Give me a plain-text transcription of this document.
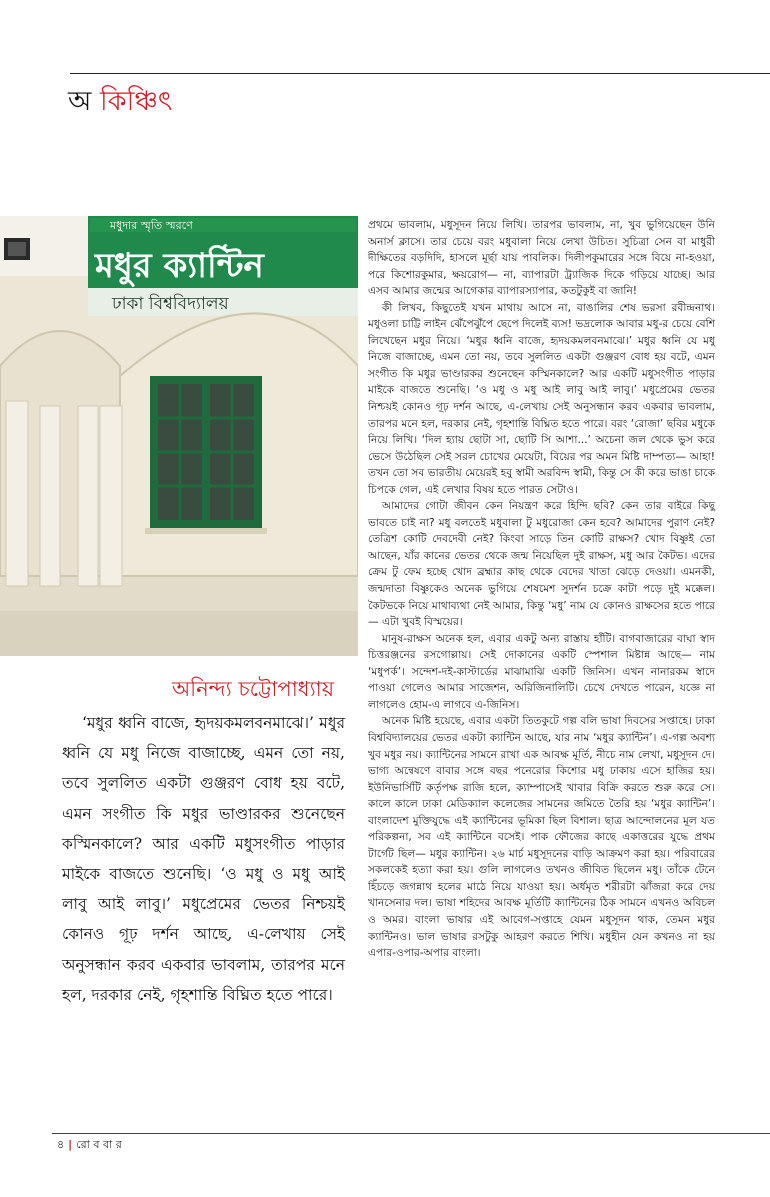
অ কিঞ্চিৎ
মধুদার স্মৃতি স্মরণে
মধুর ক্যান্টিন
ঢাকা বিশ্ববিদ্যালয়
অনিন্দ্য চট্টোপাধ্যায়

‘মধুর ধ্বনি বাজে, হৃদয়কমলবনমাঝে।’ মধুর ধ্বনি যে মধু নিজে বাজাচ্ছে, এমন তো নয়, তবে সুললিত একটা গুঞ্জরণ বোধ হয় বটে, এমন সংগীত কি মধুর ভাণ্ডারকর শুনেছেন কস্মিনকালে? আর একটি মধুসংগীত পাড়ার মাইকে বাজতে শুনেছি। ‘ও মধু ও মধু আই লাবু আই লাবু।’ মধুপ্রেমের ভেতর নিশ্চয়ই কোনও গূঢ় দর্শন আছে, এ-লেখায় সেই অনুসন্ধান করব একবার ভাবলাম, তারপর মনে হল, দরকার নেই, গৃহশান্তি বিঘ্নিত হতে পারে।

প্রথমে ভাবলাম, মধুসূদন নিয়ে লিখি। তারপর ভাবলাম, না, খুব ভুগিয়েছেন উনি অনার্স ক্লাসে। তার চেয়ে বরং মধুবালা নিয়ে লেখা উচিত। সুচিত্রা সেন বা মাধুরী দীক্ষিতের বড়দিদি, হাসলে মূর্ছা যায় পাবলিক। দিলীপকুমারের সঙ্গে বিয়ে না-হওয়া, পরে কিশোরকুমার, ক্ষয়রোগ— না, ব্যাপারটা ট্র্যাজিক দিকে গড়িয়ে যাচ্ছে। আর এসব আমার জন্মের আগেকার ব্যাপারস্যাপার, কতটুকুই বা জানি!

কী লিখব, কিছুতেই যখন মাথায় আসে না, বাঙালির শেষ ভরসা রবীন্দ্রনাথ। মধুওলা চাট্টি লাইন ঝেঁপেঝুঁপে ছেপে দিলেই ব্যস! ভদ্রলোক আবার মধু-র চেয়ে বেশি লিখেছেন মধুর নিয়ে। ‘মধুর ধ্বনি বাজে, হৃদয়কমলবনমাঝে।’ মধুর ধ্বনি যে মধু নিজে বাজাচ্ছে, এমন তো নয়, তবে সুললিত একটা গুঞ্জরণ বোধ হয় বটে, এমন সংগীত কি মধুর ভাণ্ডারকর শুনেছেন কস্মিনকালে? আর একটি মধুসংগীত পাড়ার মাইকে বাজতে শুনেছি। ‘ও মধু ও মধু আই লাবু আই লাবু।’ মধুপ্রেমের ভেতর নিশ্চয়ই কোনও গূঢ় দর্শন আছে, এ-লেখায় সেই অনুসন্ধান করব একবার ভাবলাম, তারপর মনে হল, দরকার নেই, গৃহশান্তি বিঘ্নিত হতে পারে। বরং ‘রোজা’ ছবির মধুকে নিয়ে লিখি। ‘দিল হ্যায় ছোটা সা, ছোটি সি আশা...’ অচেনা জল থেকে ভুস করে ভেসে উঠেছিল সেই সরল চোখের মেয়েটা, বিয়ের পর অমন মিষ্টি দাম্পত্য— আহা! তখন তো সব ভারতীয় মেয়েরই হবু স্বামী অরবিন্দ স্বামী, কিন্তু সে কী করে ভাঙা চাকে চিপকে গেল, এই লেখার বিষয় হতে পারত সেটাও।

আমাদের গোটা জীবন কেন নিয়ন্ত্রণ করে হিন্দি ছবি? কেন তার বাইরে কিছু ভাবতে চাই না? মধু বলতেই মধুবালা টু মধুরোজা কেন হবে? আমাদের পুরাণ নেই? তেত্রিশ কোটি দেবদেবী নেই? কিংবা সাড়ে তিন কোটি রাক্ষস? খোদ বিষ্ণুই তো আছেন, যাঁর কানের ভেতর থেকে জন্ম নিয়েছিল দুই রাক্ষস, মধু আর কৈটভ। এদের ক্রেম টু ফেম হচ্ছে খোদ ব্রহ্মার কাছ থেকে বেদের খাতা ঝেড়ে দেওয়া। এমনকী, জন্মদাতা বিষ্ণুকেও অনেক ভুগিয়ে শেষমেশ সুদর্শন চক্রে কাটা পড়ে দুই মক্কেল। কৈটভকে নিয়ে মাথাব্যথা নেই আমার, কিন্তু ‘মধু’ নাম যে কোনও রাক্ষসের হতে পারে— এটা খুবই বিস্ময়ের।

মানুষ-রাক্ষস অনেক হল, এবার একটু অন্য রাস্তায় হাঁটি। বাগবাজারের বাঘা স্বাদ চিত্তরঞ্জনের রসগোল্লায়। সেই দোকানের একটি স্পেশাল মিষ্টান্ন আছে— নাম ‘মধুপর্ক’। সন্দেশ-দই-কাস্টার্ডের মাঝামাঝি একটি জিনিস। এখন নানারকম স্বাদে পাওয়া গেলেও আমার সাজেশন, অরিজিনালিটি। চেখে দেখতে পারেন, যজ্ঞে না লাগলেও হোম-এ লাগবে এ-জিনিস।

অনেক মিষ্টি হয়েছে, এবার একটা তিতকুটে গল্প বলি ভাষা দিবসের সপ্তাহে। ঢাকা বিশ্ববিদ্যালয়ের ভেতর একটা ক্যান্টিন আছে, যার নাম ‘মধুর ক্যান্টিন’। এ-গল্প অবশ্য খুব মধুর নয়। ক্যান্টিনের সামনে রাখা এক আবক্ষ মূর্তি, নীচে নাম লেখা, মধুসূদন দে। ভাগ্য অন্বেষণে বাবার সঙ্গে বছর পনেরোর কিশোর মধু ঢাকায় এসে হাজির হয়। ইউনিভার্সিটি কর্তৃপক্ষ রাজি হলে, ক্যাম্পাসেই খাবার বিক্রি করতে শুরু করে সে। কালে কালে ঢাকা মেডিক্যাল কলেজের সামনের জমিতে তৈরি হয় ‘মধুর ক্যান্টিন’। বাংলাদেশ মুক্তিযুদ্ধে এই ক্যান্টিনের ভূমিকা ছিল বিশাল। ছাত্র আন্দোলনের মূল যত পরিকল্পনা, সব এই ক্যান্টিনে বসেই। পাক ফৌজের কাছে একাত্তরের যুদ্ধে প্রথম টার্গেট ছিল— মধুর ক্যান্টিন। ২৬ মার্চ মধুসূদনের বাড়ি আক্রমণ করা হয়। পরিবারের সকলকেই হত্যা করা হয়। গুলি লাগলেও তখনও জীবিত ছিলেন মধু। তাঁকে টেনে হিঁচড়ে জগন্নাথ হলের মাঠে নিয়ে যাওয়া হয়। অর্ধমৃত শরীরটা ঝাঁজরা করে দেয় খানসেনার দল। ভাষা শহিদের আবক্ষ মূর্তিটি ক্যান্টিনের ঠিক সামনে এখনও অবিচল ও অমর। বাংলা ভাষার এই আবেগ-সপ্তাহে যেমন মধুসূদন থাক, তেমন মধুর ক্যান্টিনও। ভাল ভাষার রসটুকু আহরণ করতে শিখি। মধুহীন যেন কখনও না হয় এপার-ওপার-অপার বাংলা।

৪ | রো ব বা র
